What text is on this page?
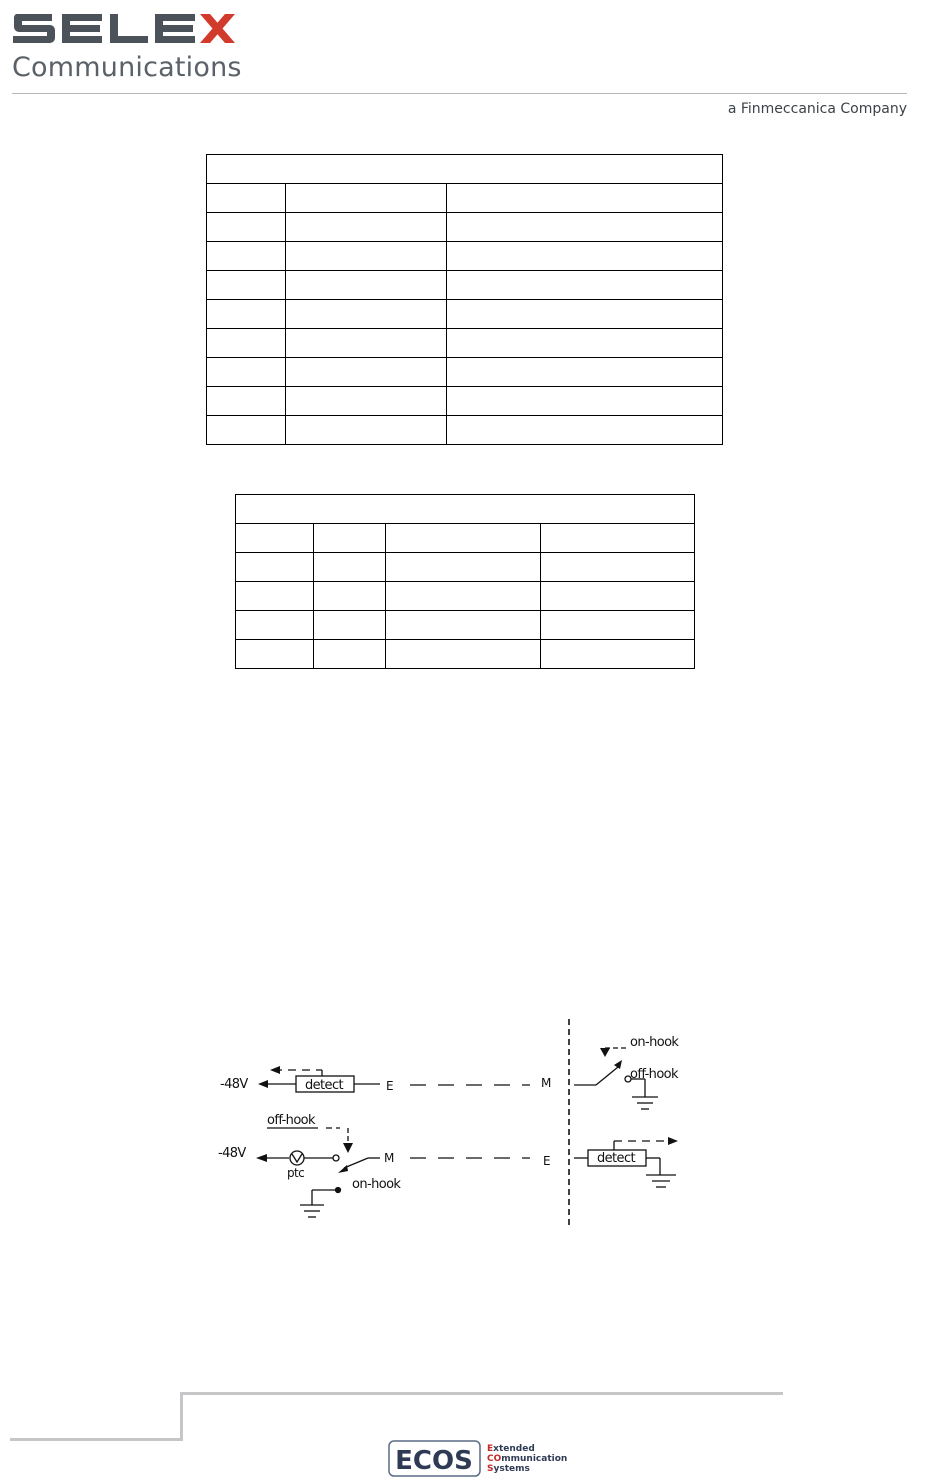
Communications
a Finmeccanica Company

-48V	detect	E
off-hook
-48V
ptc
M
on-hook
M
on-hook
off-hook
E	detect
ECOS Extended
COmmunication
Systems
